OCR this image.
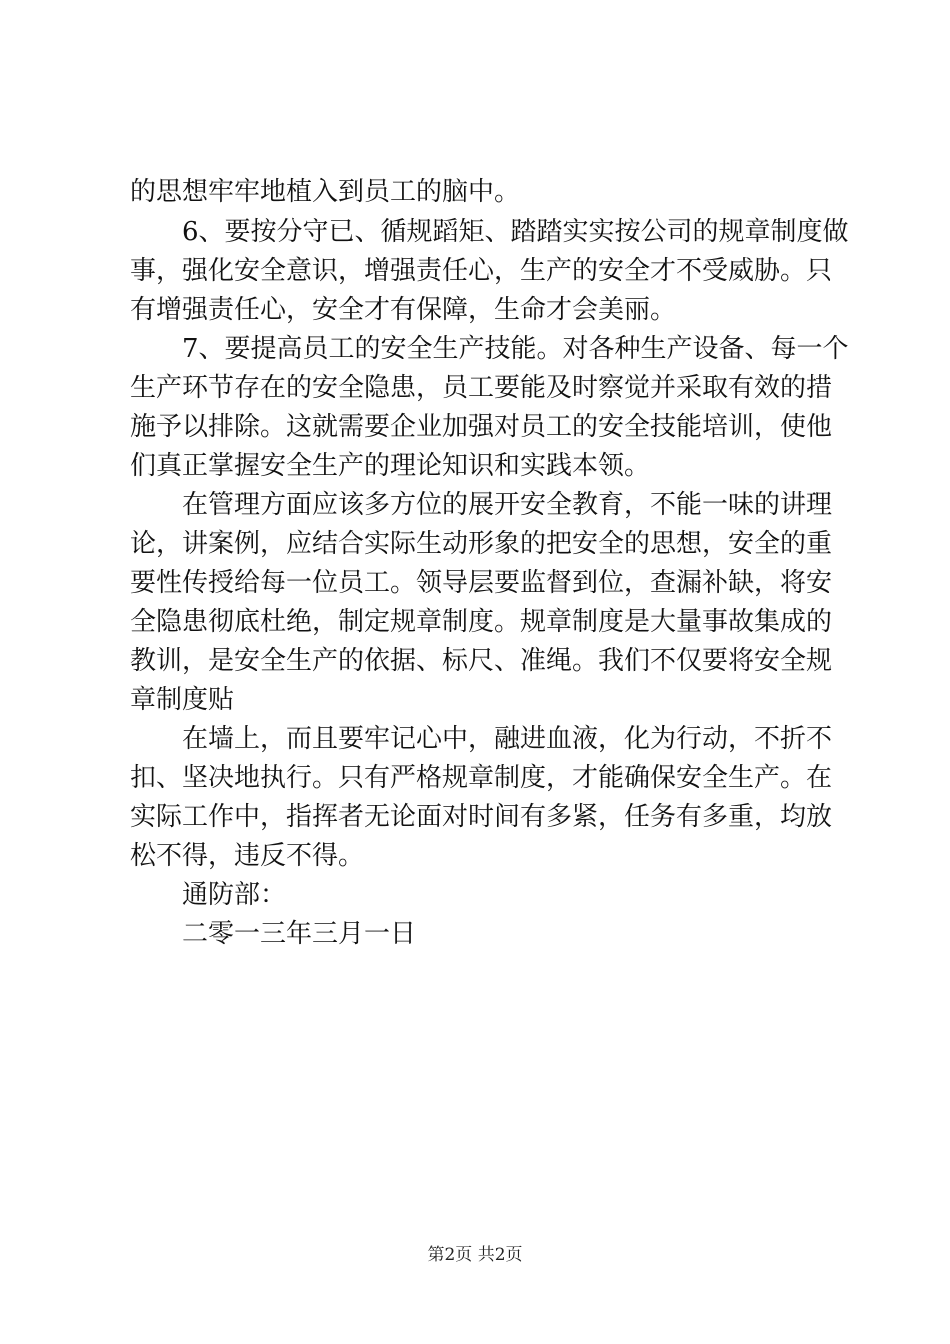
的思想牢牢地植入到员工的脑中。
6、要按分守已、循规蹈矩、踏踏实实按公司的规章制度做
事，强化安全意识，增强责任心，生产的安全才不受威胁。只
有增强责任心，安全才有保障，生命才会美丽。
7、要提高员工的安全生产技能。对各种生产设备、每一个
生产环节存在的安全隐患，员工要能及时察觉并采取有效的措
施予以排除。这就需要企业加强对员工的安全技能培训，使他
们真正掌握安全生产的理论知识和实践本领。
在管理方面应该多方位的展开安全教育，不能一味的讲理
论，讲案例，应结合实际生动形象的把安全的思想，安全的重
要性传授给每一位员工。领导层要监督到位，查漏补缺，将安
全隐患彻底杜绝，制定规章制度。规章制度是大量事故集成的
教训，是安全生产的依据、标尺、准绳。我们不仅要将安全规
章制度贴
在墙上，而且要牢记心中，融进血液，化为行动，不折不
扣、坚决地执行。只有严格规章制度，才能确保安全生产。在
实际工作中，指挥者无论面对时间有多紧，任务有多重，均放
松不得，违反不得。
通防部：
二零一三年三月一日
第2页 共2页
